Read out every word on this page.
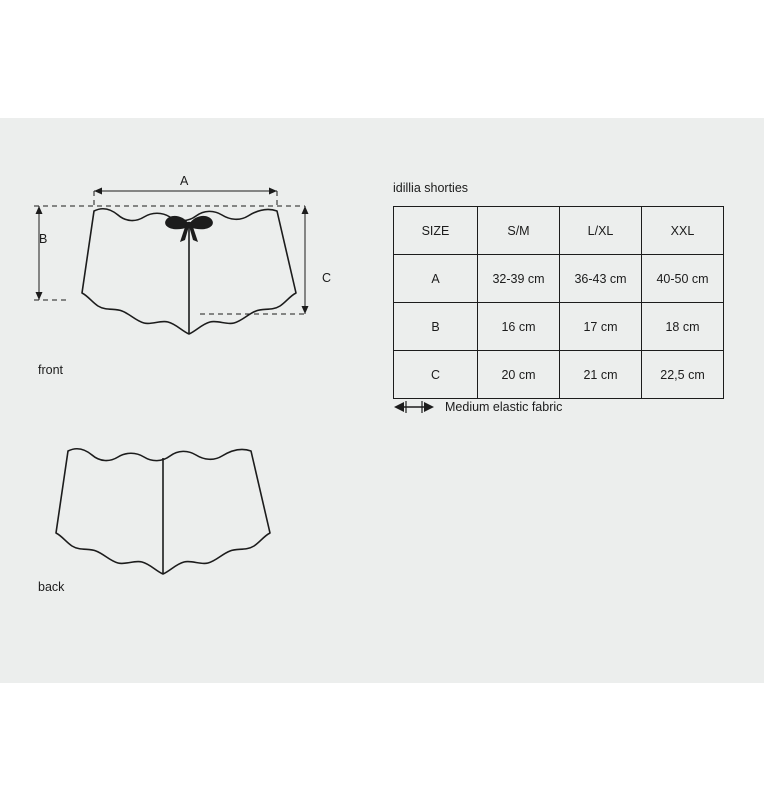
A
B
C
front
back
idillia shorties
SIZE	S/M	L/XL	XXL
A	32-39 cm	36-43 cm	40-50 cm
B	16 cm	17 cm	18 cm
C	20 cm	21 cm	22,5 cm
Medium elastic fabric
